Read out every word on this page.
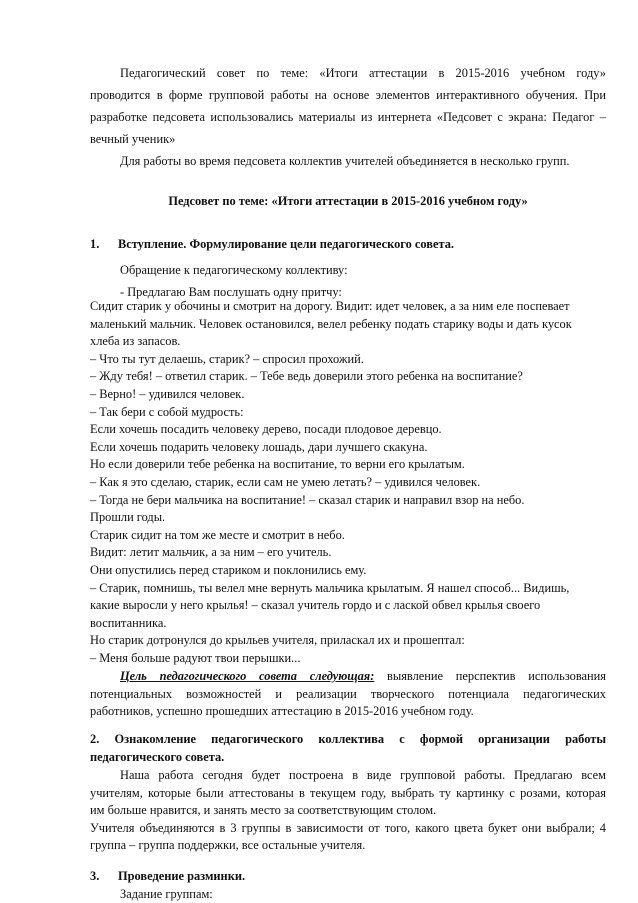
Педагогический совет по теме: «Итоги аттестации в 2015-2016 учебном году»

проводится в форме групповой работы на основе элементов интерактивного обучения. При

разработке педсовета использовались материалы из интернета «Педсовет с экрана: Педагог –

вечный ученик»

Для работы во время педсовета коллектив учителей объединяется в несколько групп.

Педсовет по теме: «Итоги аттестации в 2015-2016 учебном году»

1. Вступление. Формулирование цели педагогического совета.

Обращение к педагогическому коллективу:

- Предлагаю Вам послушать одну притчу:

Сидит старик у обочины и смотрит на дорогу. Видит: идет человек, а за ним еле поспевает

маленький мальчик. Человек остановился, велел ребенку подать старику воды и дать кусок

хлеба из запасов.

– Что ты тут делаешь, старик? – спросил прохожий.

– Жду тебя! – ответил старик. – Тебе ведь доверили этого ребенка на воспитание?

– Верно! – удивился человек.

– Так бери с собой мудрость:

Если хочешь посадить человеку дерево, посади плодовое деревцо.

Если хочешь подарить человеку лошадь, дари лучшего скакуна.

Но если доверили тебе ребенка на воспитание, то верни его крылатым.

– Как я это сделаю, старик, если сам не умею летать? – удивился человек.

– Тогда не бери мальчика на воспитание! – сказал старик и направил взор на небо.

Прошли годы.

Старик сидит на том же месте и смотрит в небо.

Видит: летит мальчик, а за ним – его учитель.

Они опустились перед стариком и поклонились ему.

– Старик, помнишь, ты велел мне вернуть мальчика крылатым. Я нашел способ... Видишь,

какие выросли у него крылья! – сказал учитель гордо и с лаской обвел крылья своего

воспитанника.

Но старик дотронулся до крыльев учителя, приласкал их и прошептал:

– Меня больше радуют твои перышки...

Цель педагогического совета следующая: выявление перспектив использования

потенциальных возможностей и реализации творческого потенциала педагогических

работников, успешно прошедших аттестацию в 2015-2016 учебном году.

2. Ознакомление педагогического коллектива с формой организации работы

педагогического совета.

Наша работа сегодня будет построена в виде групповой работы. Предлагаю всем

учителям, которые были аттестованы в текущем году, выбрать ту картинку с розами, которая

им больше нравится, и занять место за соответствующим столом.

Учителя объединяются в 3 группы в зависимости от того, какого цвета букет они выбрали; 4

группа – группа поддержки, все остальные учителя.

3. Проведение разминки.

Задание группам:
